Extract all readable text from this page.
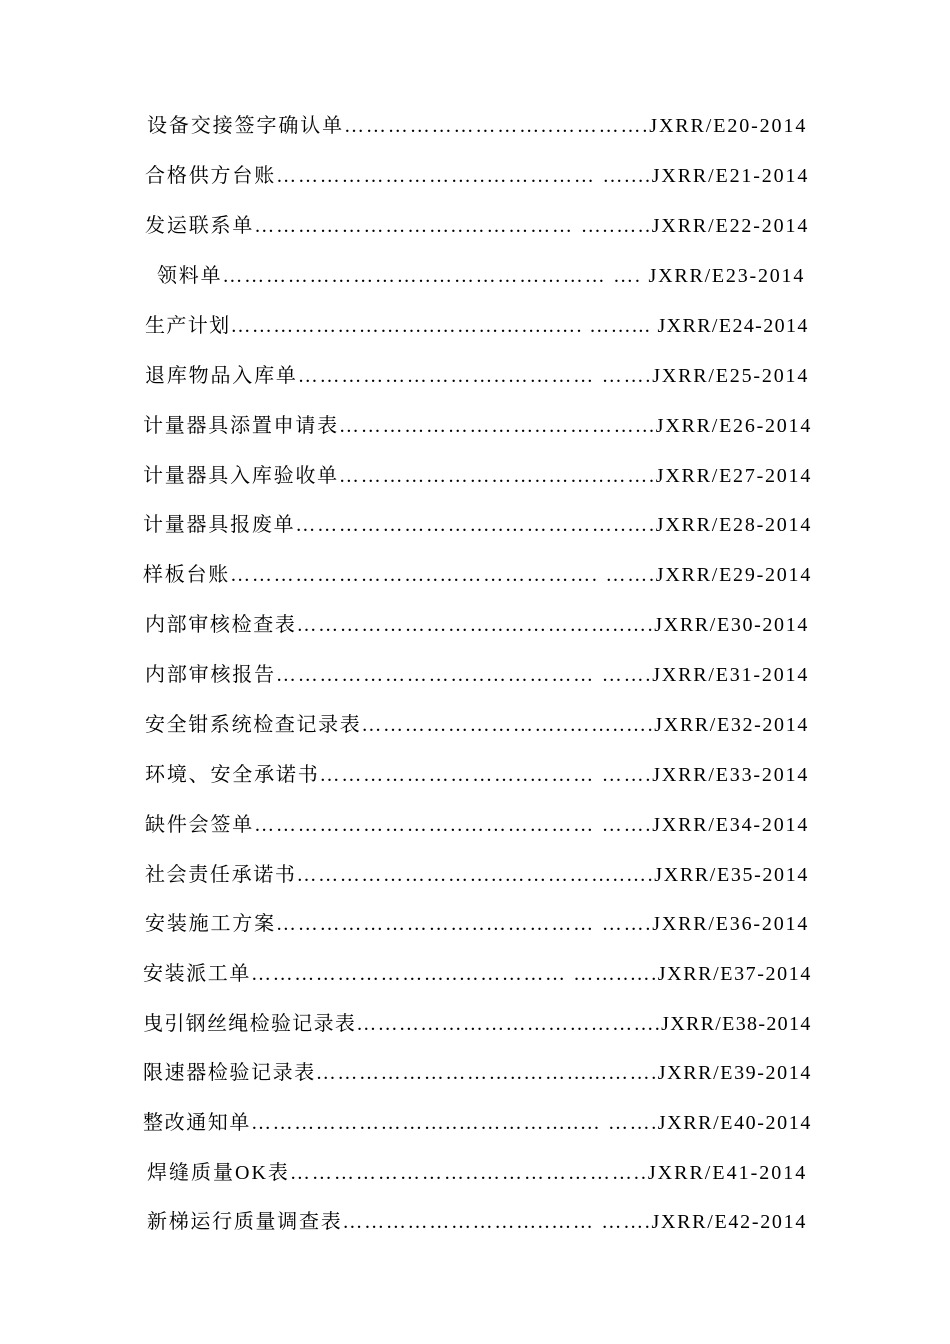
设备交接签字确认单………………………..………….JXRR/E20-2014
合格供方台账………………………..…………… …....JXRR/E21-2014
发运联系单………………………..…………… …..…..JXRR/E22-2014
领料单………………………..…………………… …. JXRR/E23-2014
生产计划………………………..……………..…. ……... JXRR/E24-2014
退库物品入库单………………………..………… …….JXRR/E25-2014
计量器具添置申请表………………………..…………...JXRR/E26-2014
计量器具入库验收单………………………..……..…….JXRR/E27-2014
计量器具报废单………………………..……………..….JXRR/E28-2014
样板台账………………………..…………………. …….JXRR/E29-2014
内部审核检查表………………………..……………..….JXRR/E30-2014
内部审核报告………………………..…………… …….JXRR/E31-2014
安全钳系统检查记录表………………………..……..….JXRR/E32-2014
环境、安全承诺书………………………..……… …….JXRR/E33-2014
缺件会签单………………………..……………… …….JXRR/E34-2014
社会责任承诺书………………………..……………..….JXRR/E35-2014
安装施工方案………………………..…………… …….JXRR/E36-2014
安装派工单………………………..…………… ……..….JXRR/E37-2014
曳引钢丝绳检验记录表…………………………………….JXRR/E38-2014
限速器检验记录表………………………..………...…….JXRR/E39-2014
整改通知单………………………..……………..… …….JXRR/E40-2014
焊缝质量OK表……………………..…………………..JXRR/E41-2014
新梯运行质量调查表………………………..…… …….JXRR/E42-2014
